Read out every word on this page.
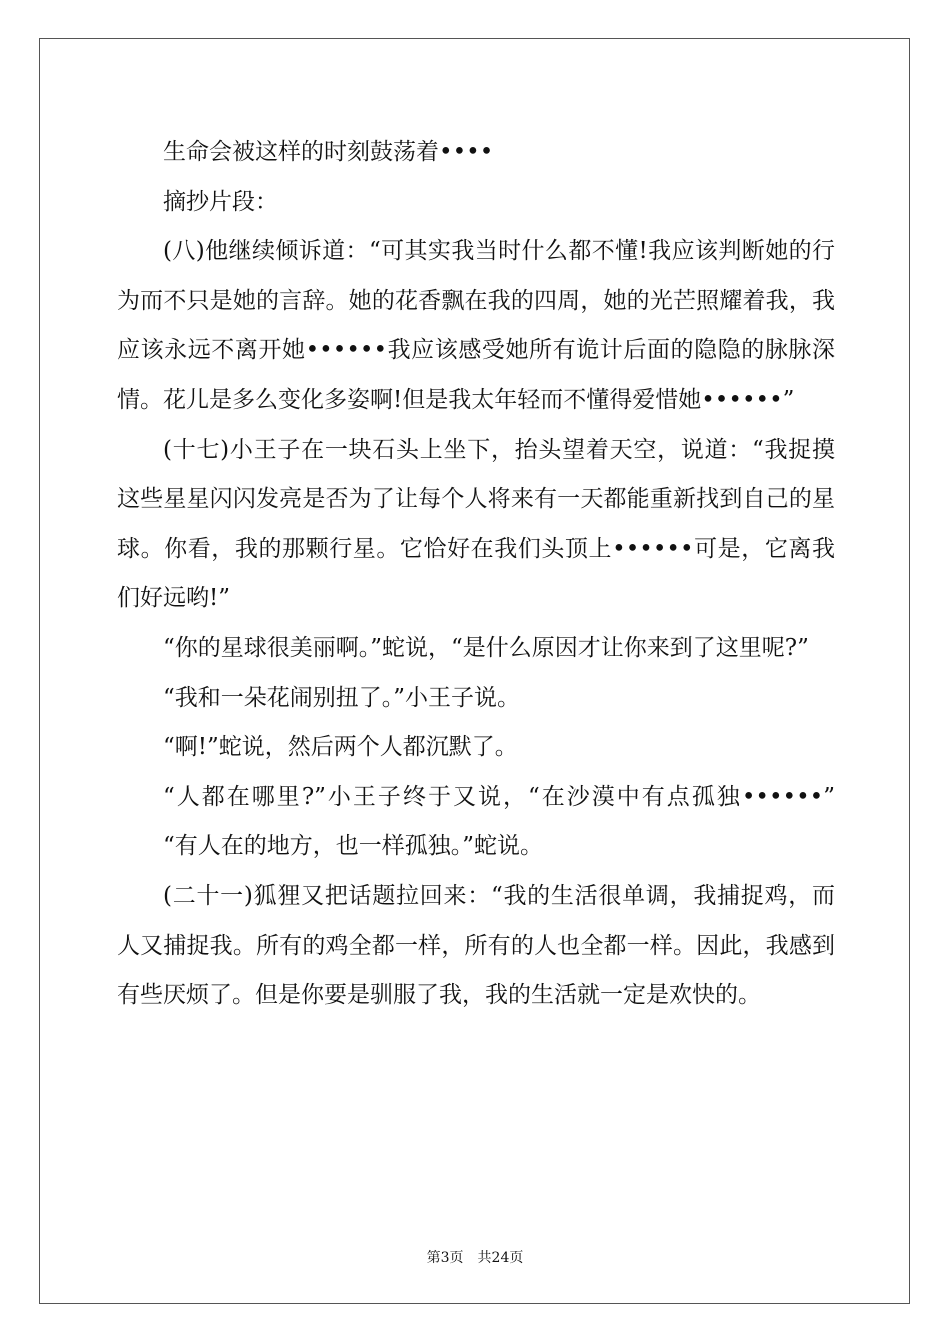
生命会被这样的时刻鼓荡着••••

摘抄片段：

(八)他继续倾诉道：“可其实我当时什么都不懂!我应该判断她的行为而不只是她的言辞。她的花香飘在我的四周，她的光芒照耀着我，我应该永远不离开她••••••我应该感受她所有诡计后面的隐隐的脉脉深情。花儿是多么变化多姿啊!但是我太年轻而不懂得爱惜她••••••”

(十七)小王子在一块石头上坐下，抬头望着天空，说道：“我捉摸这些星星闪闪发亮是否为了让每个人将来有一天都能重新找到自己的星球。你看，我的那颗行星。它恰好在我们头顶上••••••可是，它离我们好远哟!”

“你的星球很美丽啊。”蛇说，“是什么原因才让你来到了这里呢?”

“我和一朵花闹别扭了。”小王子说。

“啊!”蛇说，然后两个人都沉默了。

“人都在哪里?”小王子终于又说，“在沙漠中有点孤独••••••”

“有人在的地方，也一样孤独。”蛇说。

(二十一)狐狸又把话题拉回来：“我的生活很单调，我捕捉鸡，而人又捕捉我。所有的鸡全都一样，所有的人也全都一样。因此，我感到有些厌烦了。但是你要是驯服了我，我的生活就一定是欢快的。

第3页　共24页
